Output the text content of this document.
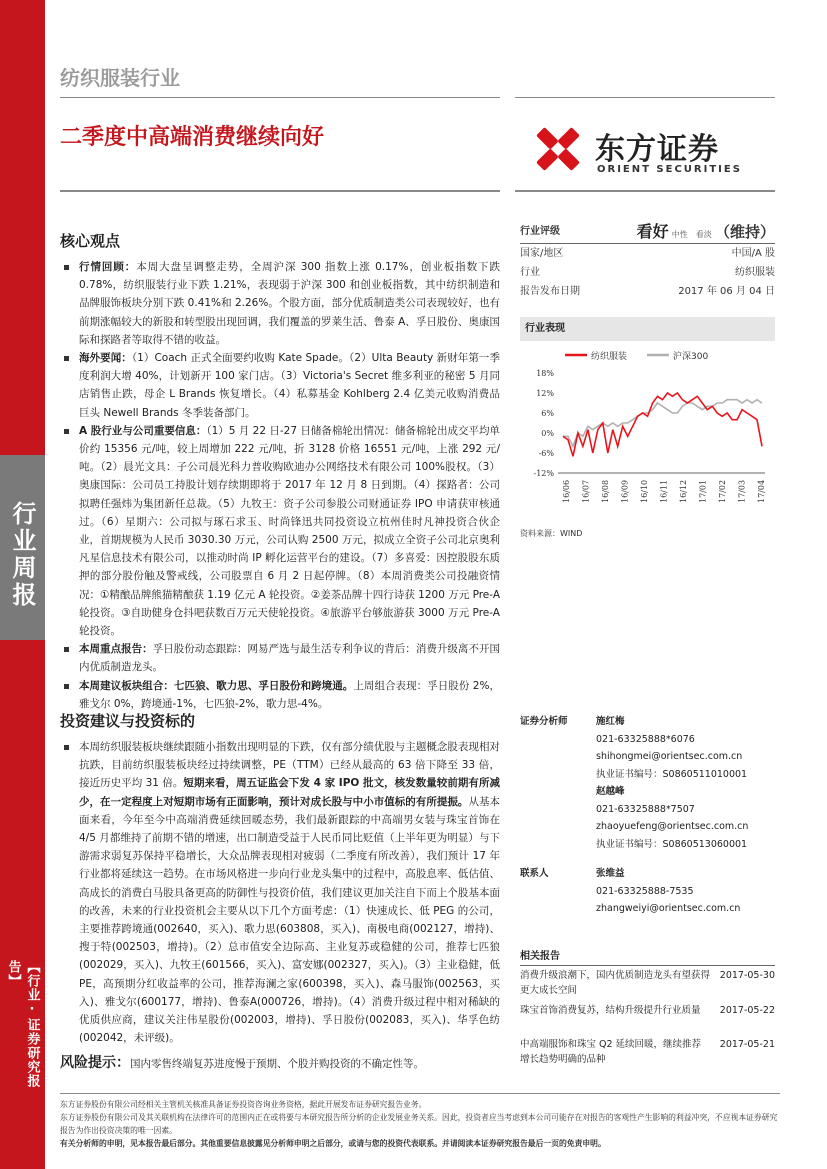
行业周报
【行业·证券研究报告】
纺织服装行业
二季度中高端消费继续向好	东方证券
ORIENT SECURITIES
核心观点
行情回顾：本周大盘呈调整走势，全周沪深 300 指数上涨 0.17%，创业板指数下跌 0.78%，纺织服装行业下跌 1.21%，表现弱于沪深 300 和创业板指数，其中纺织制造和品牌服饰板块分别下跌 0.41%和 2.26%。个股方面，部分优质制造类公司表现较好，也有前期涨幅较大的新股和转型股出现回调，我们覆盖的罗莱生活、鲁泰 A、孚日股份、奥康国际和探路者等取得不错的收益。
海外要闻：（1）Coach 正式全面要约收购 Kate Spade。（2）Ulta Beauty 新财年第一季度利润大增 40%，计划新开 100 家门店。（3）Victoria's Secret 维多利亚的秘密 5 月同店销售止跌，母企 L Brands 恢复增长。（4）私募基金 Kohlberg 2.4 亿美元收购消费品巨头 Newell Brands 冬季装备部门。
A 股行业与公司重要信息：（1）5 月 22 日-27 日储备棉轮出情况：储备棉轮出成交平均单价约 15356 元/吨，较上周增加 222 元/吨，折 3128 价格 16551 元/吨，上涨 292 元/吨。（2）晨光文具：子公司晨光科力普收购欧迪办公网络技术有限公司 100%股权。（3）奥康国际：公司员工持股计划存续期即将于 2017 年 12 月 8 日到期。（4）探路者：公司拟聘任强炜为集团新任总裁。（5）九牧王：资子公司参股公司财通证券 IPO 申请获审核通过。（6）星期六：公司拟与琢石求玉、时尚锋迅共同投资设立杭州佳时凡神投资合伙企业，首期规模为人民币 3030.30 万元，公司认购 2500 万元，拟成立全资子公司北京奥利凡星信息技术有限公司，以推动时尚 IP 孵化运营平台的建设。（7）多喜爱：因控股股东质押的部分股份触及警戒线，公司股票自 6 月 2 日起停牌。（8）本周消费类公司投融资情况：①精酿品牌熊猫精酿获 1.19 亿元 A 轮投资。②姜茶品牌十四行诗获 1200 万元 Pre-A 轮投资。③自助健身仓抖吧获数百万元天使轮投资。④旅游平台够旅游获 3000 万元 Pre-A 轮投资。
本周重点报告：孚日股份动态跟踪：网易严选与最生活专利争议的背后：消费升级离不开国内优质制造龙头。
本周建议板块组合：七匹狼、歌力思、孚日股份和跨境通。上周组合表现：孚日股份 2%，雅戈尔 0%，跨境通-1%，七匹狼-2%，歌力思-4%。
投资建议与投资标的
本周纺织服装板块继续跟随小指数出现明显的下跌，仅有部分绩优股与主题概念股表现相对抗跌，目前纺织服装板块经过持续调整，PE（TTM）已经从最高的 63 倍下降至 33 倍，接近历史平均 31 倍。短期来看，周五证监会下发 4 家 IPO 批文，核发数量较前期有所减少，在一定程度上对短期市场有正面影响，预计对成长股与中小市值标的有所提振。从基本面来看，今年至今中高端消费延续回暖态势，我们最新跟踪的中高端男女装与珠宝首饰在 4/5 月都维持了前期不错的增速，出口制造受益于人民币同比贬值（上半年更为明显）与下游需求弱复苏保持平稳增长，大众品牌表现相对疲弱（二季度有所改善），我们预计 17 年行业都将延续这一趋势。在市场风格进一步向行业龙头集中的过程中，高股息率、低估值、高成长的消费白马股具备更高的防御性与投资价值，我们建议更加关注自下而上个股基本面的改善，未来的行业投资机会主要从以下几个方面考虑：（1）快速成长、低 PEG 的公司，主要推荐跨境通(002640，买入)、歌力思(603808，买入)、南极电商(002127，增持)、搜于特(002503，增持)。（2）总市值安全边际高、主业复苏或稳健的公司，推荐七匹狼(002029，买入)、九牧王(601566，买入)、富安娜(002327，买入)。（3）主业稳健，低 PE，高预期分红收益率的公司，推荐海澜之家(600398，买入)、森马服饰(002563，买入)、雅戈尔(600177，增持)、鲁泰A(000726，增持)。（4）消费升级过程中相对稀缺的优质供应商，建议关注伟星股份(002003，增持)、孚日股份(002083，买入)、华孚色纺(002042，未评级)。
风险提示：国内零售终端复苏进度慢于预期、个股并购投资的不确定性等。
行业评级	看好 中性　看淡 （维持）
国家/地区	中国/A 股
行业	纺织服装
报告发布日期	2017 年 06 月 04 日
行业表现
纺织服装	沪深300
18%
12%
6%
0%
-6%
-12%
16/06 16/07 16/08 16/09 16/10 16/11 16/12 17/01 17/02 17/03 17/04
资料来源：WIND
证券分析师	施红梅
021-63325888*6076
shihongmei@orientsec.com.cn
执业证书编号：S0860511010001
赵越峰
021-63325888*7507
zhaoyuefeng@orientsec.com.cn
执业证书编号：S0860513060001
联系人	张维益
021-63325888-7535
zhangweiyi@orientsec.com.cn
相关报告
消费升级浪潮下，国内优质制造龙头有望获得更大成长空间
2017-05-30
珠宝首饰消费复苏，结构升级提升行业质量	2017-05-22
中高端服饰和珠宝 Q2 延续回暖，继续推荐增长趋势明确的品种
2017-05-21
东方证券股份有限公司经相关主管机关核准具备证券投资咨询业务资格，据此开展发布证券研究报告业务。
东方证券股份有限公司及其关联机构在法律许可的范围内正在或将要与本研究报告所分析的企业发展业务关系。因此，投资者应当考虑到本公司可能存在对报告的客观性产生影响的利益冲突，不应视本证券研究报告为作出投资决策的唯一因素。
有关分析师的申明，见本报告最后部分。其他重要信息披露见分析师申明之后部分，或请与您的投资代表联系。并请阅读本证券研究报告最后一页的免责申明。
